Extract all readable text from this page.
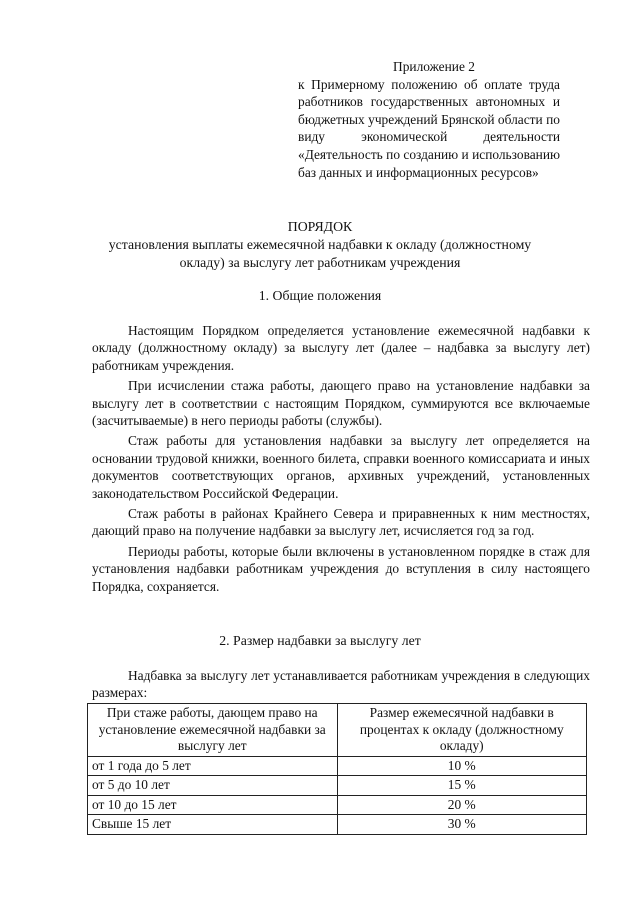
Приложение 2
к Примерному положению об оплате труда работников государственных автономных и бюджетных учреждений Брянской области по виду экономической деятельности «Деятельность по созданию и использованию баз данных и информационных ресурсов»
ПОРЯДОК
установления выплаты ежемесячной надбавки к окладу (должностному окладу) за выслугу лет работникам учреждения
1. Общие положения

Настоящим Порядком определяется установление ежемесячной надбавки к окладу (должностному окладу) за выслугу лет (далее – надбавка за выслугу лет) работникам учреждения.

При исчислении стажа работы, дающего право на установление надбавки за выслугу лет в соответствии с настоящим Порядком, суммируются все включаемые (засчитываемые) в него периоды работы (службы).

Стаж работы для установления надбавки за выслугу лет определяется на основании трудовой книжки, военного билета, справки военного комиссариата и иных документов соответствующих органов, архивных учреждений, установленных законодательством Российской Федерации.

Стаж работы в районах Крайнего Севера и приравненных к ним местностях, дающий право на получение надбавки за выслугу лет, исчисляется год за год.

Периоды работы, которые были включены в установленном порядке в стаж для установления надбавки работникам учреждения до вступления в силу настоящего Порядка, сохраняется.

2. Размер надбавки за выслугу лет

Надбавка за выслугу лет устанавливается работникам учреждения в следующих размерах:

При стаже работы, дающем право на установление ежемесячной надбавки за выслугу лет	Размер ежемесячной надбавки в процентах к окладу (должностному окладу)
от 1 года до 5 лет	10 %
от 5 до 10 лет	15 %
от 10 до 15 лет	20 %
Свыше 15 лет	30 %
